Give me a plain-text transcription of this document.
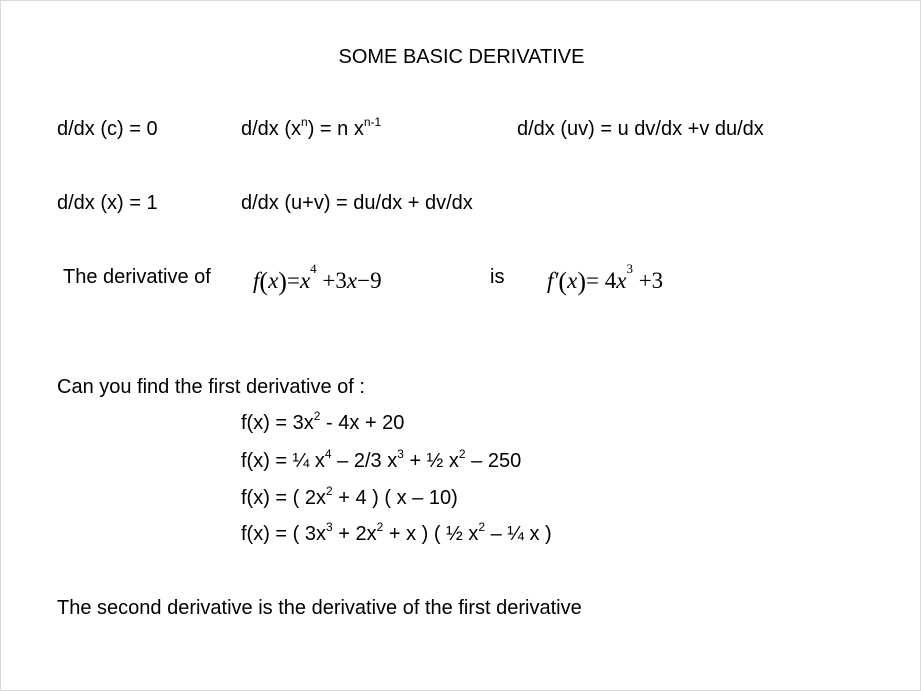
SOME BASIC DERIVATIVE
d/dx (c) = 0	d/dx $(x^n) = n$ $x^{n-1}$	d/dx (uv) = u dv/dx +v du/dx
d/dx (x) = 1	d/dx (u+v) = du/dx + dv/dx
The derivative of $f(x)=x^4 +3x-9$	is $f'(x)= 4x^3 +3$
Can you find the first derivative of :
$f(x) = 3x^2 - 4x + 20$
f(x) = ¼ $x^4 - 2/3$ $x^3$ + ½ $x^2 - 250$
f(x) = ( $2x^2 + 4$ ) ( x – 10)
f(x) = ( $3x^3 + 2x^2 + x$ ) ( ½ $x^2$ – ¼ x )
The second derivative is the derivative of the first derivative
